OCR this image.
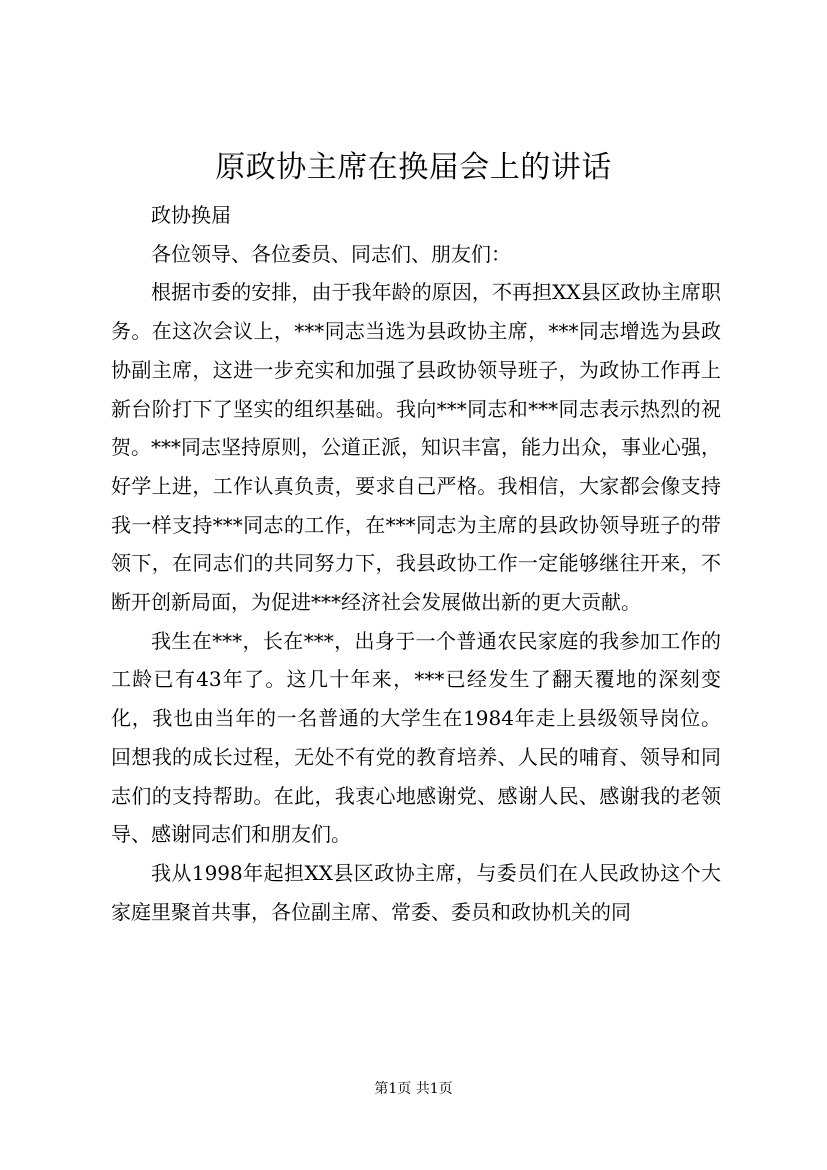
原政协主席在换届会上的讲话

政协换届

各位领导、各位委员、同志们、朋友们：

根据市委的安排，由于我年龄的原因，不再担XX县区政协主席职务。在这次会议上，***同志当选为县政协主席，***同志增选为县政协副主席，这进一步充实和加强了县政协领导班子，为政协工作再上新台阶打下了坚实的组织基础。我向***同志和***同志表示热烈的祝贺。***同志坚持原则，公道正派，知识丰富，能力出众，事业心强，好学上进，工作认真负责，要求自己严格。我相信，大家都会像支持我一样支持***同志的工作，在***同志为主席的县政协领导班子的带领下，在同志们的共同努力下，我县政协工作一定能够继往开来，不断开创新局面，为促进***经济社会发展做出新的更大贡献。

我生在***，长在***，出身于一个普通农民家庭的我参加工作的工龄已有43年了。这几十年来，***已经发生了翻天覆地的深刻变化，我也由当年的一名普通的大学生在1984年走上县级领导岗位。回想我的成长过程，无处不有党的教育培养、人民的哺育、领导和同志们的支持帮助。在此，我衷心地感谢党、感谢人民、感谢我的老领导、感谢同志们和朋友们。

我从1998年起担XX县区政协主席，与委员们在人民政协这个大家庭里聚首共事，各位副主席、常委、委员和政协机关的同

第1页 共1页
